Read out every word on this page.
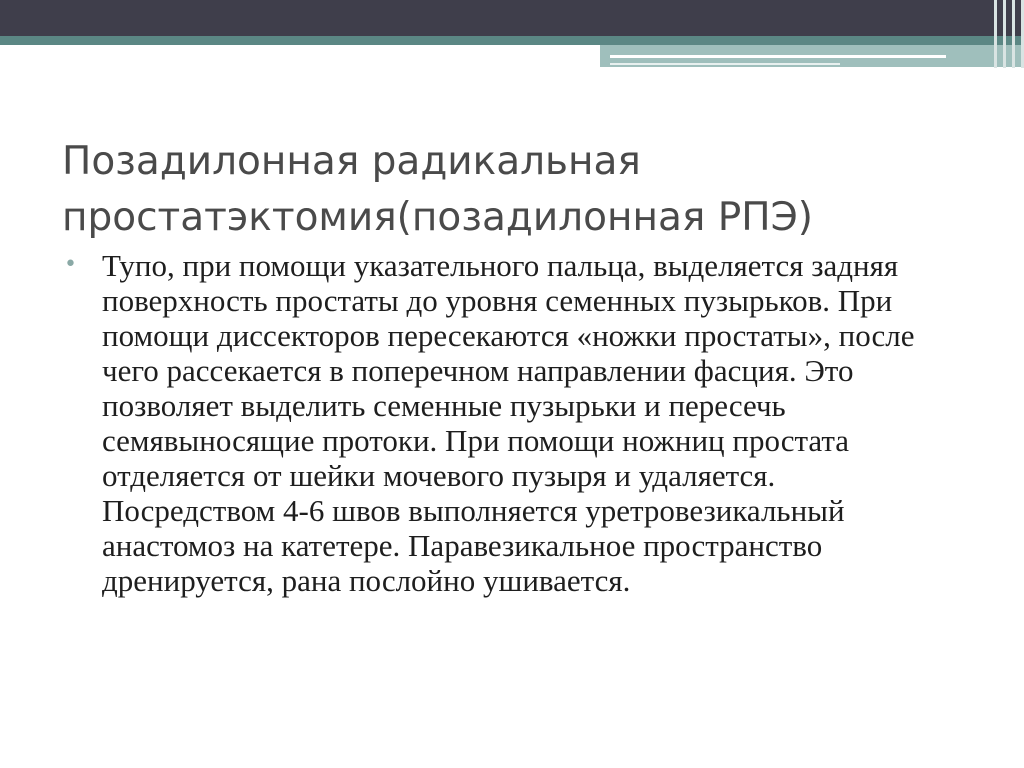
Позадилонная радикальная простатэктомия(позадилонная РПЭ)
• Тупо, при помощи указательного пальца, выделяется задняя поверхность простаты до уровня семенных пузырьков. При помощи диссекторов пересекаются «ножки простаты», после чего рассекается в поперечном направлении фасция. Это позволяет выделить семенные пузырьки и пересечь семявыносящие протоки. При помощи ножниц простата отделяется от шейки мочевого пузыря и удаляется. Посредством 4-6 швов выполняется уретровезикальный анастомоз на катетере. Паравезикальное пространство дренируется, рана послойно ушивается.
